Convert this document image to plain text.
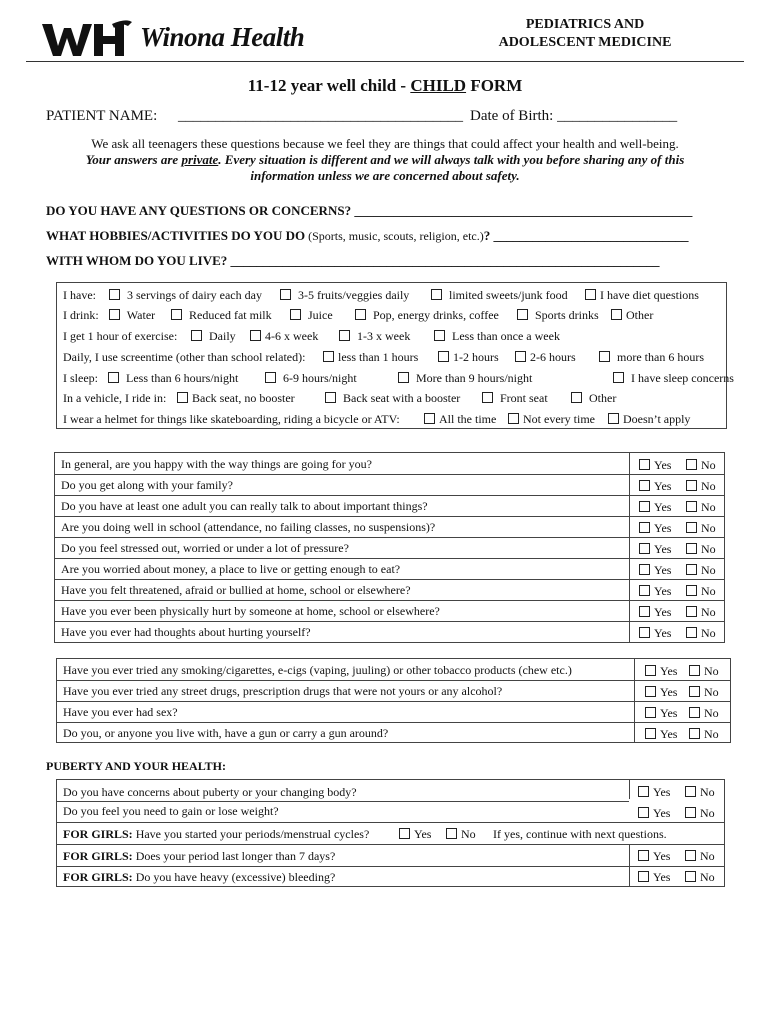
Winona Health	PEDIATRICS AND
ADOLESCENT MEDICINE
11-12 year well child - CHILD FORM
PATIENT NAME: ______________________________________ Date of Birth: ________________
We ask all teenagers these questions because we feel they are things that could affect your health and well-being.
Your answers are private. Every situation is different and we will always talk with you before sharing any of this
information unless we are concerned about safety.
DO YOU HAVE ANY QUESTIONS OR CONCERNS? ____________________________________________________
WHAT HOBBIES/ACTIVITIES DO YOU DO (Sports, music, scouts, religion, etc.)? ______________________________
WITH WHOM DO YOU LIVE? __________________________________________________________________
I have:	3 servings of dairy each day	3-5 fruits/veggies daily	limited sweets/junk food	I have diet questions
I drink:	Water	Reduced fat milk	Juice	Pop, energy drinks, coffee	Sports drinks	Other
I get 1 hour of exercise:	Daily	4-6 x week	1-3 x week	Less than once a week
Daily, I use screentime (other than school related):	less than 1 hours	1-2 hours	2-6 hours	more than 6 hours
I sleep:	Less than 6 hours/night	6-9 hours/night	More than 9 hours/night	I have sleep concerns
In a vehicle, I ride in:	Back seat, no booster	Back seat with a booster	Front seat	Other
I wear a helmet for things like skateboarding, riding a bicycle or ATV:	All the time	Not every time	Doesn’t apply
In general, are you happy with the way things are going for you?	Yes	No
Do you get along with your family?	Yes	No
Do you have at least one adult you can really talk to about important things?	Yes	No
Are you doing well in school (attendance, no failing classes, no suspensions)?	Yes	No
Do you feel stressed out, worried or under a lot of pressure?	Yes	No
Are you worried about money, a place to live or getting enough to eat?	Yes	No
Have you felt threatened, afraid or bullied at home, school or elsewhere?	Yes	No
Have you ever been physically hurt by someone at home, school or elsewhere?	Yes	No
Have you ever had thoughts about hurting yourself?	Yes	No
Have you ever tried any smoking/cigarettes, e-cigs (vaping, juuling) or other tobacco products (chew etc.)	Yes	No
Have you ever tried any street drugs, prescription drugs that were not yours or any alcohol?	Yes	No
Have you ever had sex?	Yes	No
Do you, or anyone you live with, have a gun or carry a gun around?	Yes	No
PUBERTY AND YOUR HEALTH:
Do you have concerns about puberty or your changing body?	Yes	No
Do you feel you need to gain or lose weight?	Yes	No
FOR GIRLS: Have you started your periods/menstrual cycles?	Yes	No If yes, continue with next questions.
FOR GIRLS: Does your period last longer than 7 days?	Yes	No
FOR GIRLS: Do you have heavy (excessive) bleeding?	Yes	No
